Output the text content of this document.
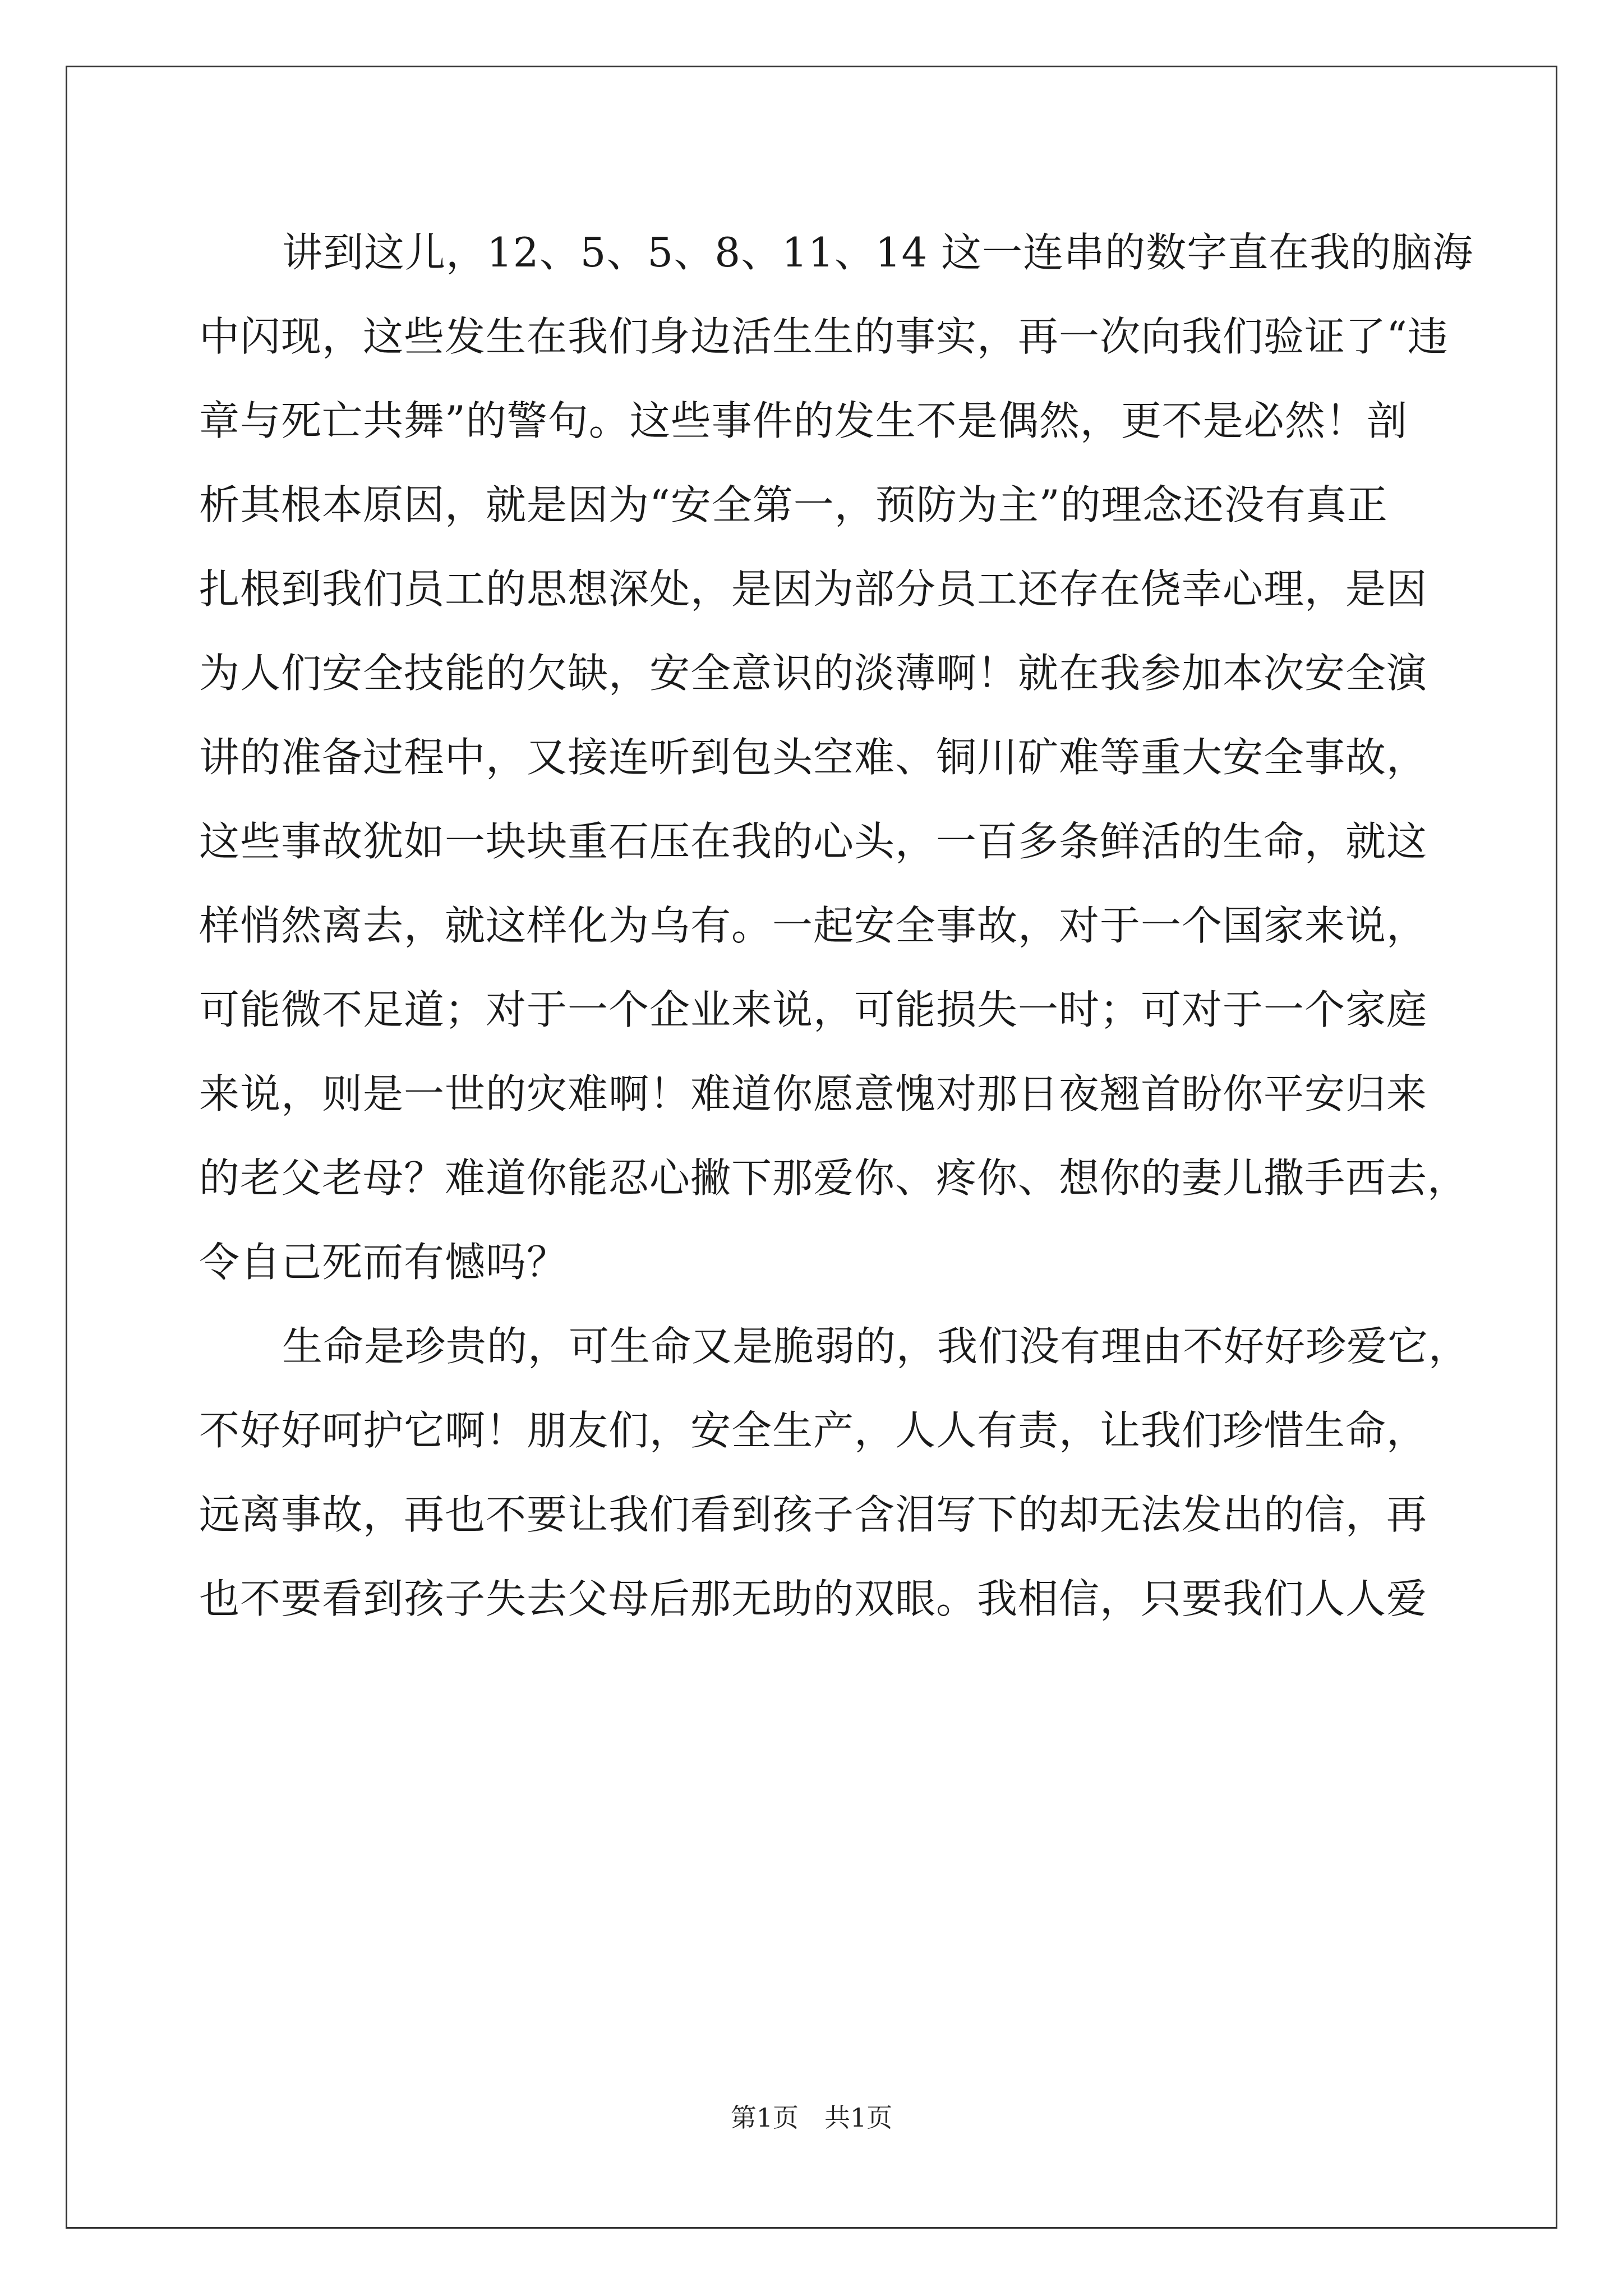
讲到这儿，12、5、5、8、11、14 这一连串的数字直在我的脑海
中闪现，这些发生在我们身边活生生的事实，再一次向我们验证了“违
章与死亡共舞”的警句。这些事件的发生不是偶然，更不是必然！剖
析其根本原因，就是因为“安全第一，预防为主”的理念还没有真正
扎根到我们员工的思想深处，是因为部分员工还存在侥幸心理，是因
为人们安全技能的欠缺，安全意识的淡薄啊！就在我参加本次安全演
讲的准备过程中，又接连听到包头空难、铜川矿难等重大安全事故，
这些事故犹如一块块重石压在我的心头，一百多条鲜活的生命，就这
样悄然离去，就这样化为乌有。一起安全事故，对于一个国家来说，
可能微不足道；对于一个企业来说，可能损失一时；可对于一个家庭
来说，则是一世的灾难啊！难道你愿意愧对那日夜翘首盼你平安归来
的老父老母？难道你能忍心撇下那爱你、疼你、想你的妻儿撒手西去，
令自己死而有憾吗？
生命是珍贵的，可生命又是脆弱的，我们没有理由不好好珍爱它，
不好好呵护它啊！朋友们，安全生产，人人有责，让我们珍惜生命，
远离事故，再也不要让我们看到孩子含泪写下的却无法发出的信，再
也不要看到孩子失去父母后那无助的双眼。我相信，只要我们人人爱
第1页　共1页
